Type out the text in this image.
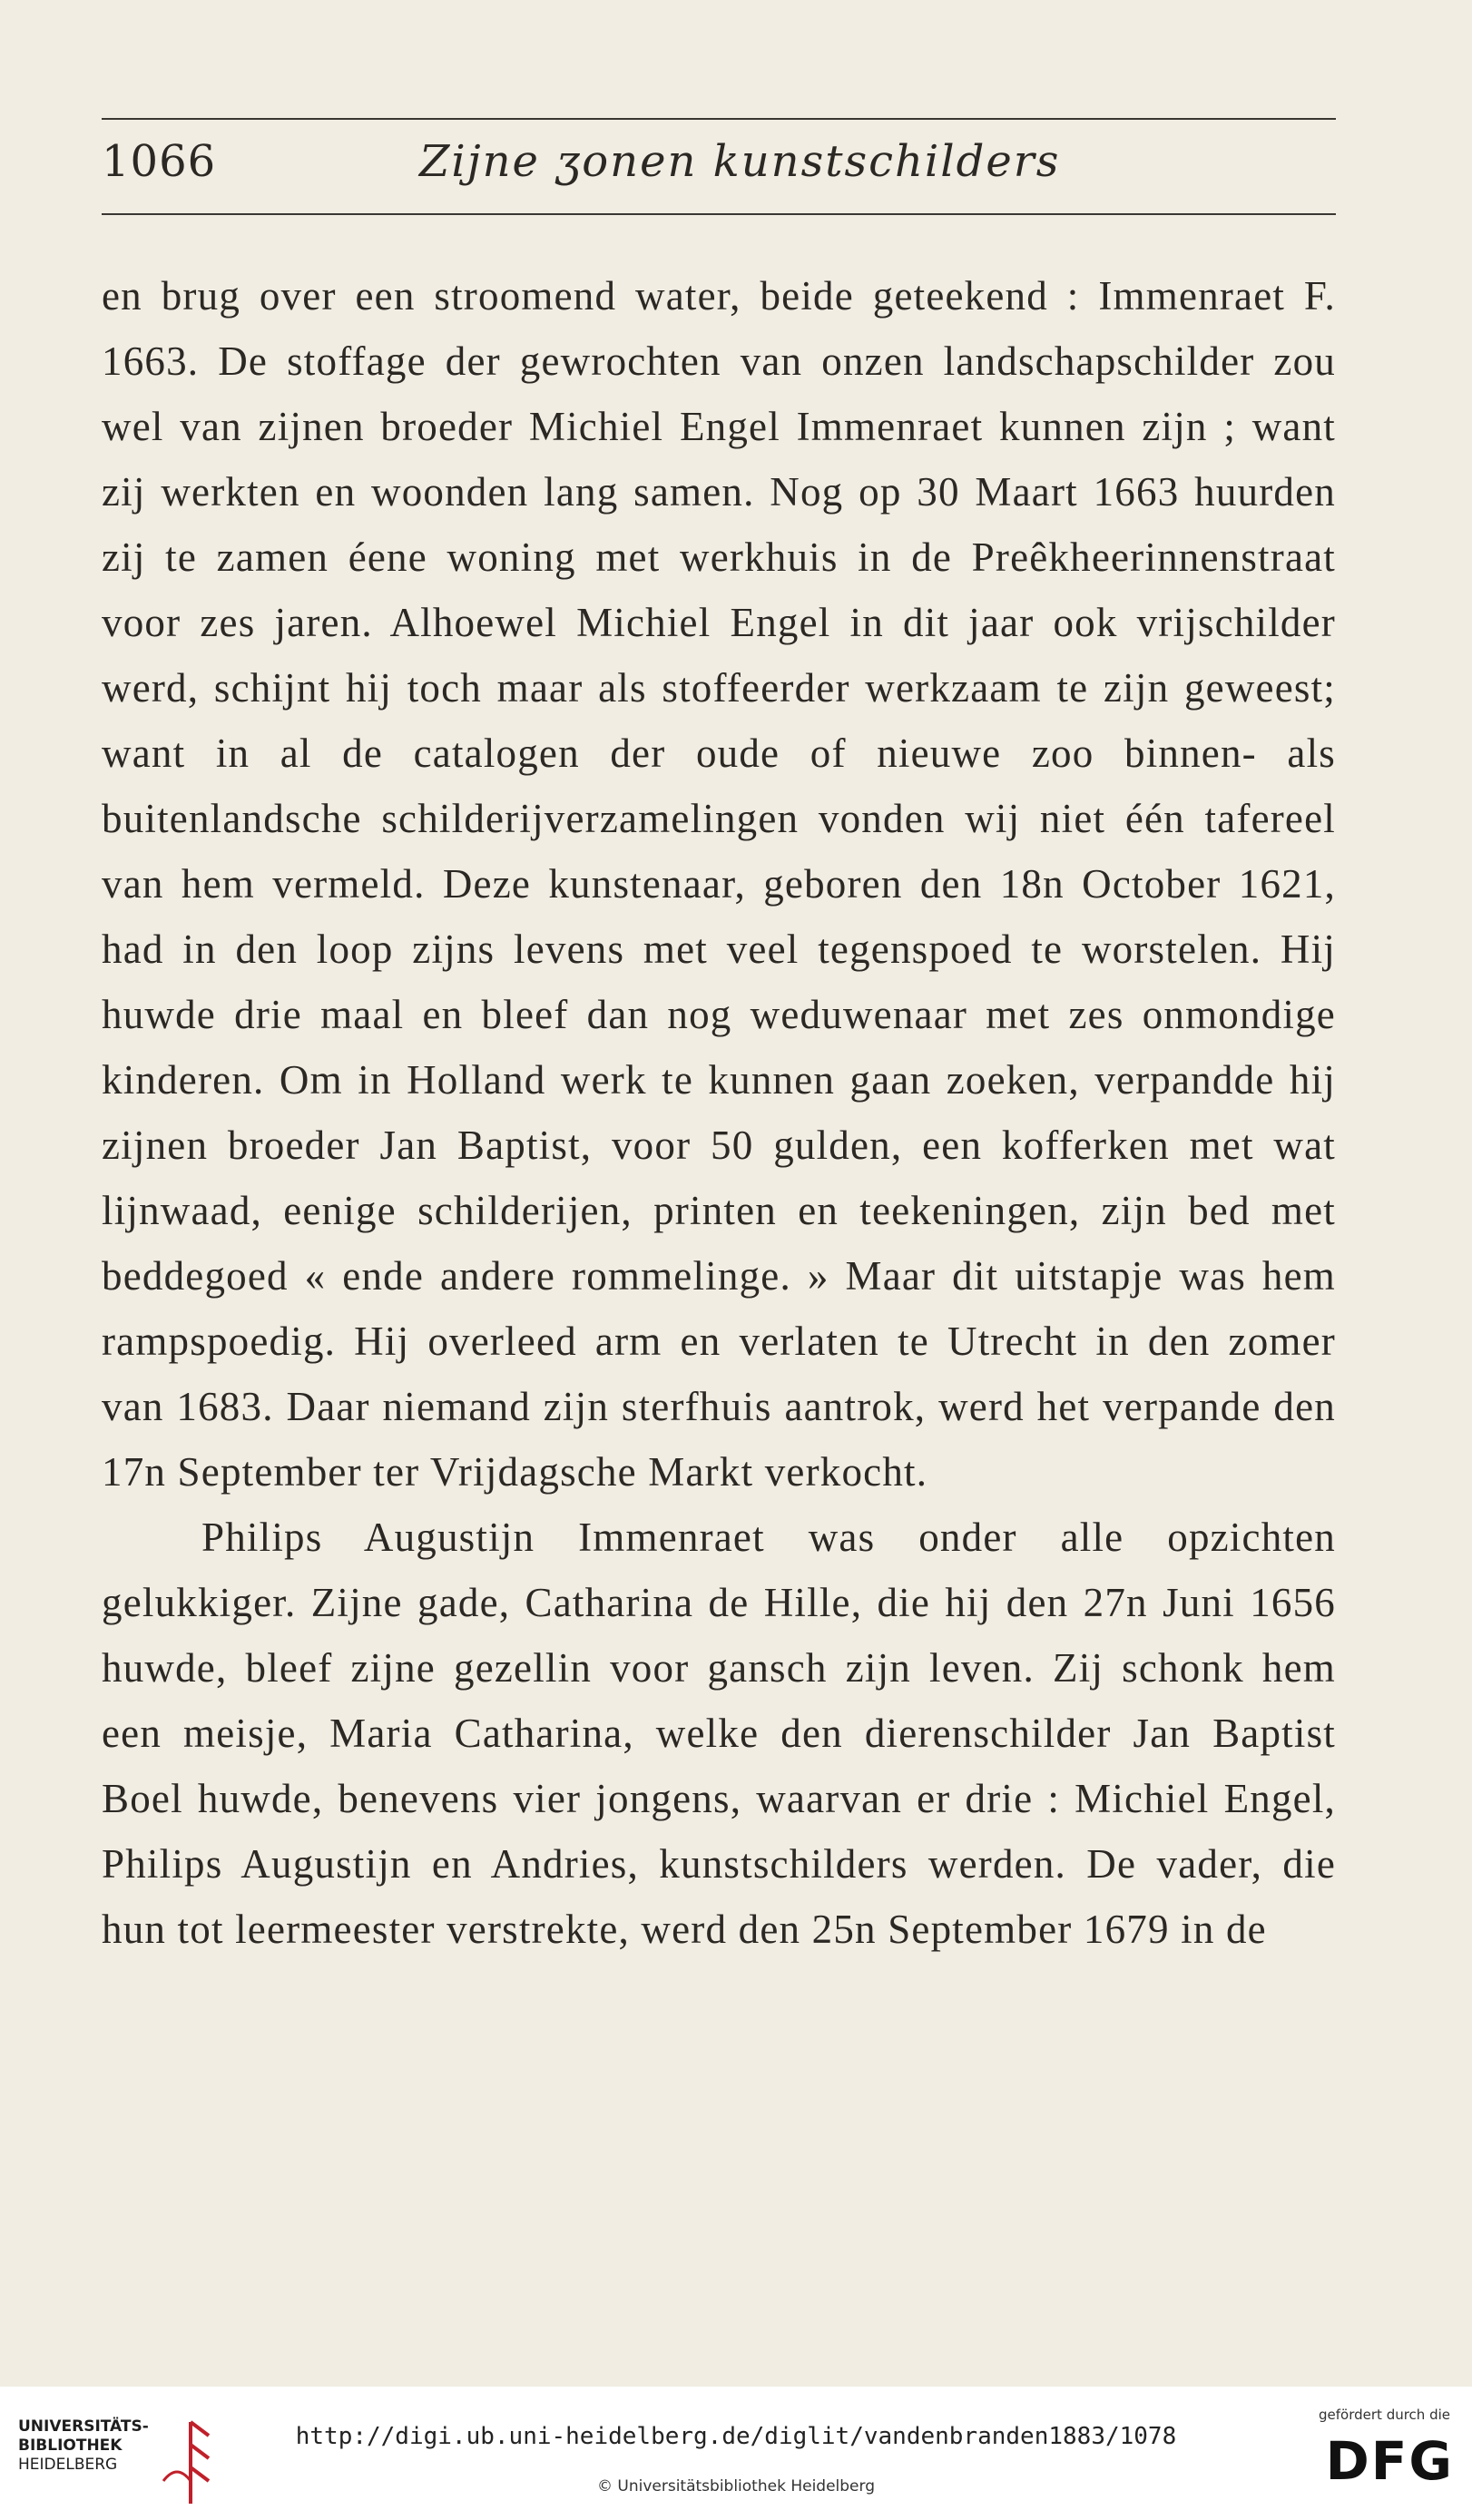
1066	Zijne ʒonen kunstschilders

en brug over een stroomend water, beide geteekend : Immenraet F. 1663. De stoffage der gewrochten van onzen landschapschilder zou wel van zijnen broeder Michiel Engel Immenraet kunnen zijn ; want zij werkten en woonden lang samen. Nog op 30 Maart 1663 huurden zij te zamen éene woning met werkhuis in de Preêkheerinnenstraat voor zes jaren. Alhoewel Michiel Engel in dit jaar ook vrijschilder werd, schijnt hij toch maar als stoffeerder werkzaam te zijn geweest; want in al de catalogen der oude of nieuwe zoo binnen- als buitenlandsche schilderijverzamelingen vonden wij niet één tafereel van hem vermeld. Deze kunstenaar, geboren den 18n October 1621, had in den loop zijns levens met veel tegenspoed te worstelen. Hij huwde drie maal en bleef dan nog weduwenaar met zes onmondige kinderen. Om in Holland werk te kunnen gaan zoeken, verpandde hij zijnen broeder Jan Baptist, voor 50 gulden, een kofferken met wat lijnwaad, eenige schilderijen, printen en teekeningen, zijn bed met beddegoed « ende andere rommelinge. » Maar dit uitstapje was hem rampspoedig. Hij overleed arm en verlaten te Utrecht in den zomer van 1683. Daar niemand zijn sterfhuis aantrok, werd het verpande den 17n September ter Vrijdagsche Markt verkocht.

Philips Augustijn Immenraet was onder alle opzichten gelukkiger. Zijne gade, Catharina de Hille, die hij den 27n Juni 1656 huwde, bleef zijne gezellin voor gansch zijn leven. Zij schonk hem een meisje, Maria Catharina, welke den dierenschilder Jan Baptist Boel huwde, benevens vier jongens, waarvan er drie : Michiel Engel, Philips Augustijn en Andries, kunstschilders werden. De vader, die hun tot leermeester verstrekte, werd den 25n September 1679 in de

UNIVERSITÄTS-
BIBLIOTHEK
HEIDELBERG
http://digi.ub.uni-heidelberg.de/diglit/vandenbranden1883/1078
© Universitätsbibliothek Heidelberg
gefördert durch die
DFG
